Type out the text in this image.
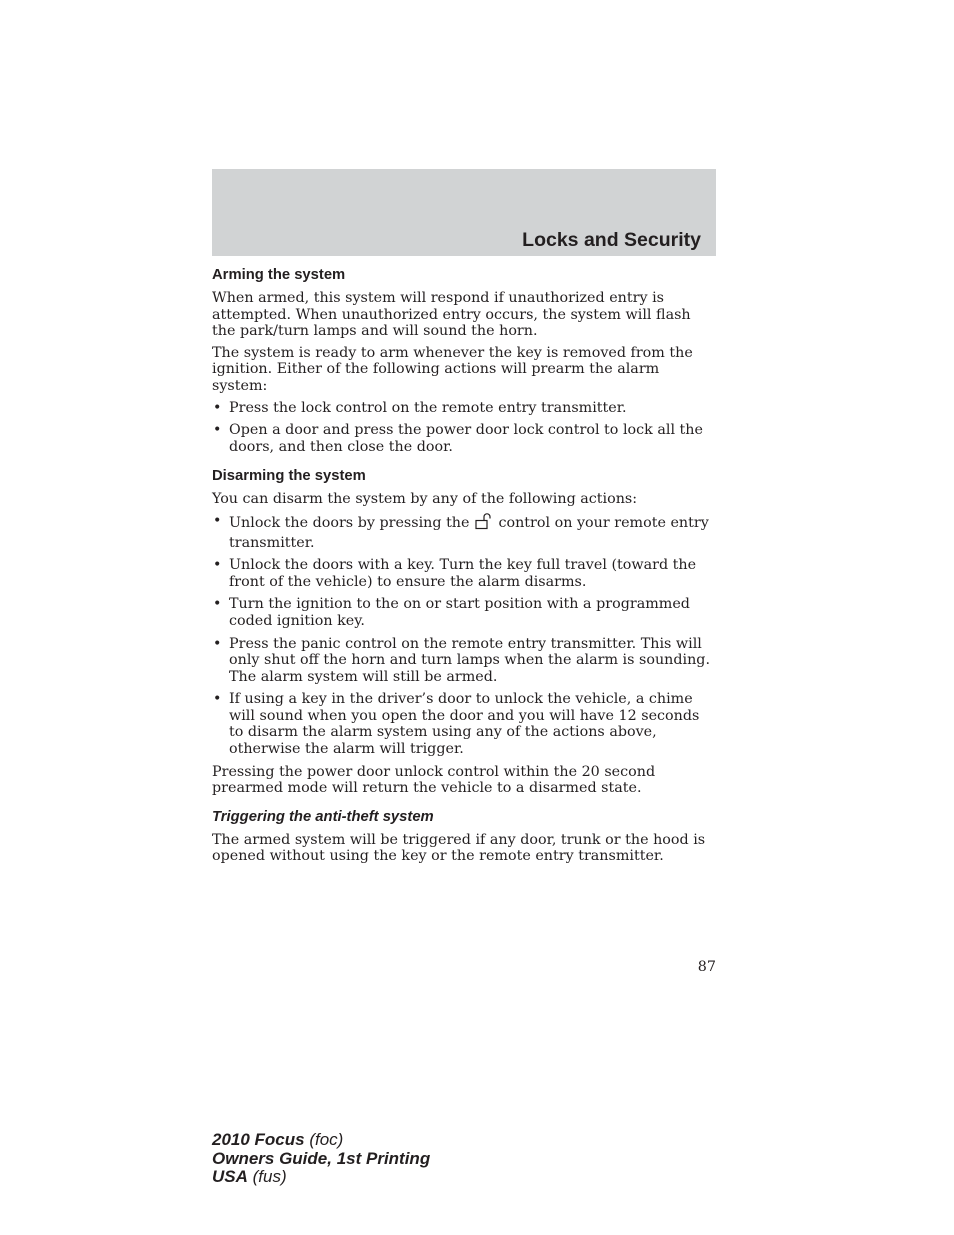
Locks and Security
Arming the system

When armed, this system will respond if unauthorized entry is attempted. When unauthorized entry occurs, the system will flash the park/turn lamps and will sound the horn.

The system is ready to arm whenever the key is removed from the ignition. Either of the following actions will prearm the alarm system:

• Press the lock control on the remote entry transmitter.
• Open a door and press the power door lock control to lock all the doors, and then close the door.
Disarming the system

You can disarm the system by any of the following actions:

• Unlock the doors by pressing the control on your remote entry transmitter.
• Unlock the doors with a key. Turn the key full travel (toward the front of the vehicle) to ensure the alarm disarms.
• Turn the ignition to the on or start position with a programmed coded ignition key.
• Press the panic control on the remote entry transmitter. This will only shut off the horn and turn lamps when the alarm is sounding. The alarm system will still be armed.
• If using a key in the driver’s door to unlock the vehicle, a chime will sound when you open the door and you will have 12 seconds to disarm the alarm system using any of the actions above, otherwise the alarm will trigger.

Pressing the power door unlock control within the 20 second prearmed mode will return the vehicle to a disarmed state.

Triggering the anti-theft system

The armed system will be triggered if any door, trunk or the hood is opened without using the key or the remote entry transmitter.

87
2010 Focus (foc)
Owners Guide, 1st Printing
USA (fus)
